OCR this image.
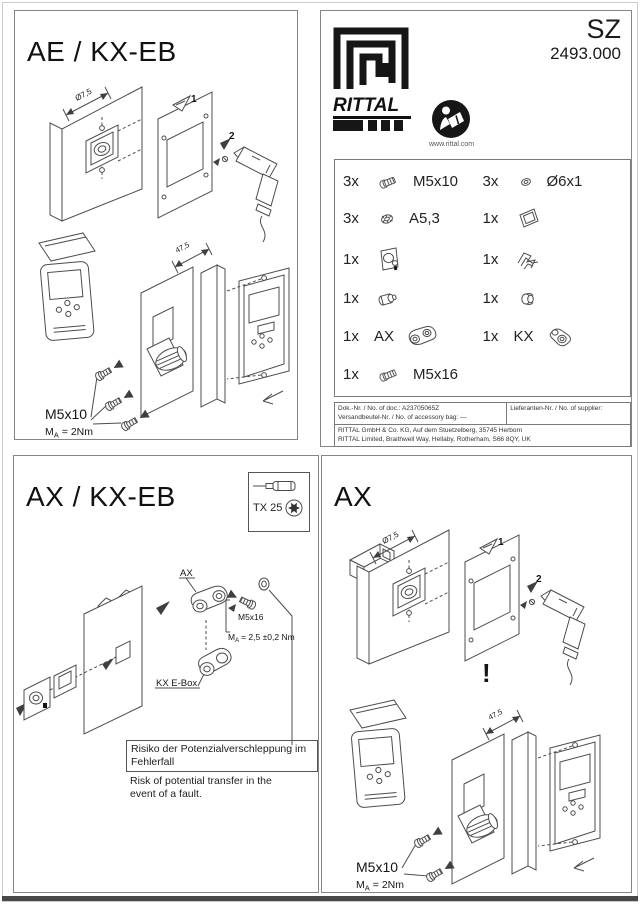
AE / KX-EB
Ø7,5	1
2
47,5
M5x10
$M_A = 2Nm$
RITTAL
SZ
2493.000
www.rittal.com
3x	M5x10 3x	Ø6x1
3x	A5,3	1x
1x	1x
1x	1x
1x	AX	1x	KX
1x	M5x16
Dok.-Nr. / No. of doc.: A23705065Z
Versandbeutel-Nr. / No. of accessory bag: —
Lieferanten-Nr. / No. of supplier:
RITTAL GmbH & Co. KG, Auf dem Stuetzelberg, 35745 Herborn
RITTAL Limited, Braithwell Way, Hellaby, Rotherham, S66 8QY, UK
AX / KX-EB	TX 25
AX
M5x16
$M_A = 2,5 \pm 0,2$ Nm
KX E-Box
Risiko der Potenzialverschleppung im Fehlerfall
Risk of potential transfer in the event of a fault.
AX
Ø7,5	1
2
!
47,5
M5x10
$M_A = 2Nm$
